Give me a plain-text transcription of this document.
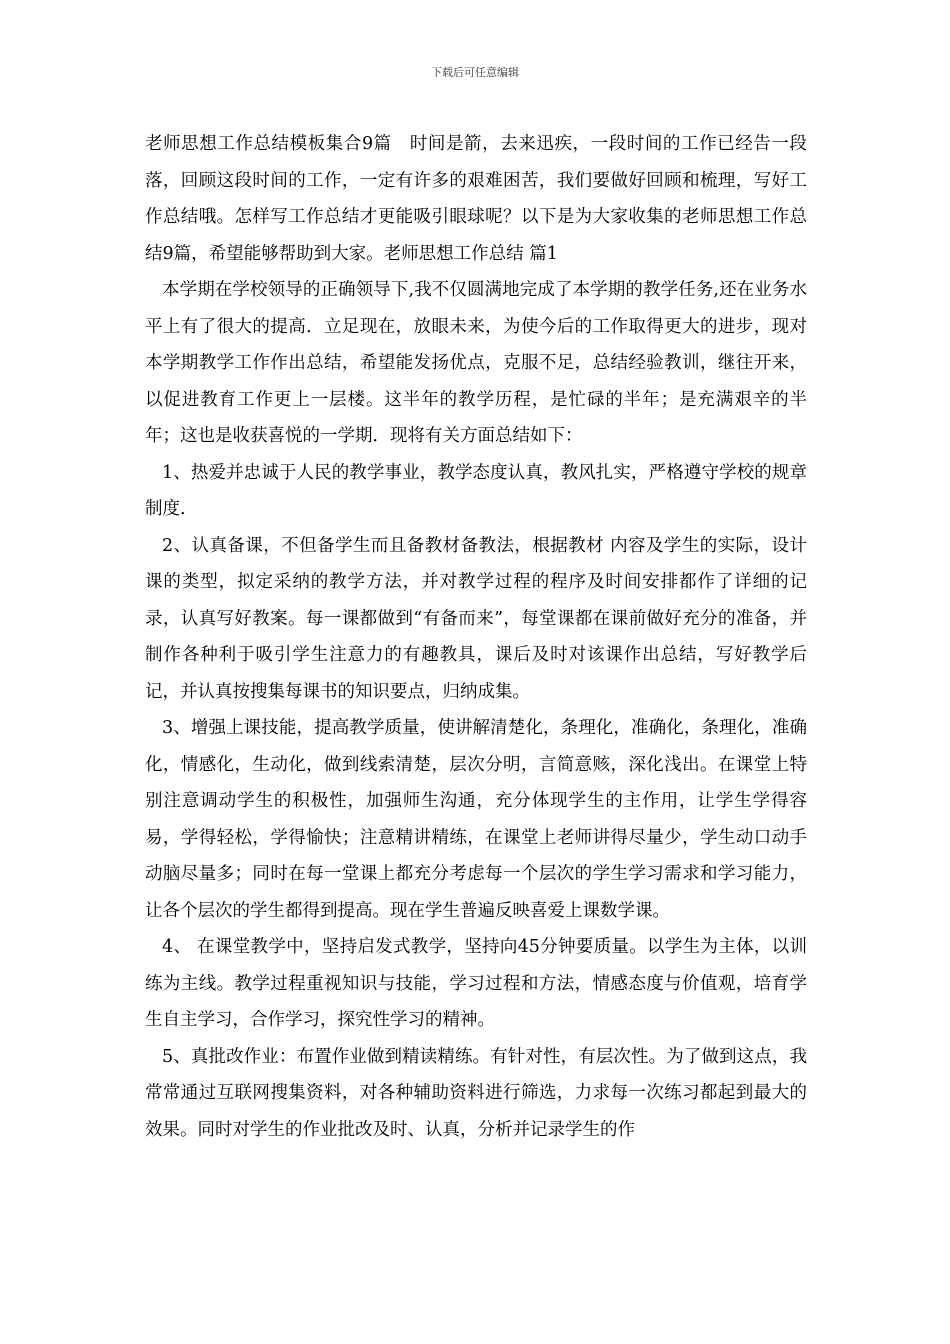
下载后可任意编辑

老师思想工作总结模板集合9篇　时间是箭，去来迅疾，一段时间的工作已经告一段落，回顾这段时间的工作，一定有许多的艰难困苦，我们要做好回顾和梳理，写好工作总结哦。怎样写工作总结才更能吸引眼球呢？以下是为大家收集的老师思想工作总结9篇，希望能够帮助到大家。老师思想工作总结 篇1

本学期在学校领导的正确领导下,我不仅圆满地完成了本学期的教学任务,还在业务水平上有了很大的提高．立足现在，放眼未来，为使今后的工作取得更大的进步，现对本学期教学工作作出总结，希望能发扬优点，克服不足，总结经验教训，继往开来，以促进教育工作更上一层楼。这半年的教学历程，是忙碌的半年；是充满艰辛的半年；这也是收获喜悦的一学期．现将有关方面总结如下：

1、热爱并忠诚于人民的教学事业，教学态度认真，教风扎实，严格遵守学校的规章制度.

2、认真备课，不但备学生而且备教材备教法，根据教材 内容及学生的实际，设计课的类型，拟定采纳的教学方法，并对教学过程的程序及时间安排都作了详细的记录，认真写好教案。每一课都做到“有备而来”，每堂课都在课前做好充分的准备，并制作各种利于吸引学生注意力的有趣教具，课后及时对该课作出总结，写好教学后记，并认真按搜集每课书的知识要点，归纳成集。

3、增强上课技能，提高教学质量，使讲解清楚化，条理化，准确化，条理化，准确化，情感化，生动化，做到线索清楚，层次分明，言简意赅，深化浅出。在课堂上特别注意调动学生的积极性，加强师生沟通，充分体现学生的主作用，让学生学得容易，学得轻松，学得愉快；注意精讲精练，在课堂上老师讲得尽量少，学生动口动手动脑尽量多；同时在每一堂课上都充分考虑每一个层次的学生学习需求和学习能力，让各个层次的学生都得到提高。现在学生普遍反映喜爱上课数学课。

4、 在课堂教学中，坚持启发式教学，坚持向45分钟要质量。以学生为主体，以训练为主线。教学过程重视知识与技能，学习过程和方法，情感态度与价值观，培育学生自主学习，合作学习，探究性学习的精神。

5、真批改作业：布置作业做到精读精练。有针对性，有层次性。为了做到这点，我常常通过互联网搜集资料，对各种辅助资料进行筛选，力求每一次练习都起到最大的效果。同时对学生的作业批改及时、认真，分析并记录学生的作
